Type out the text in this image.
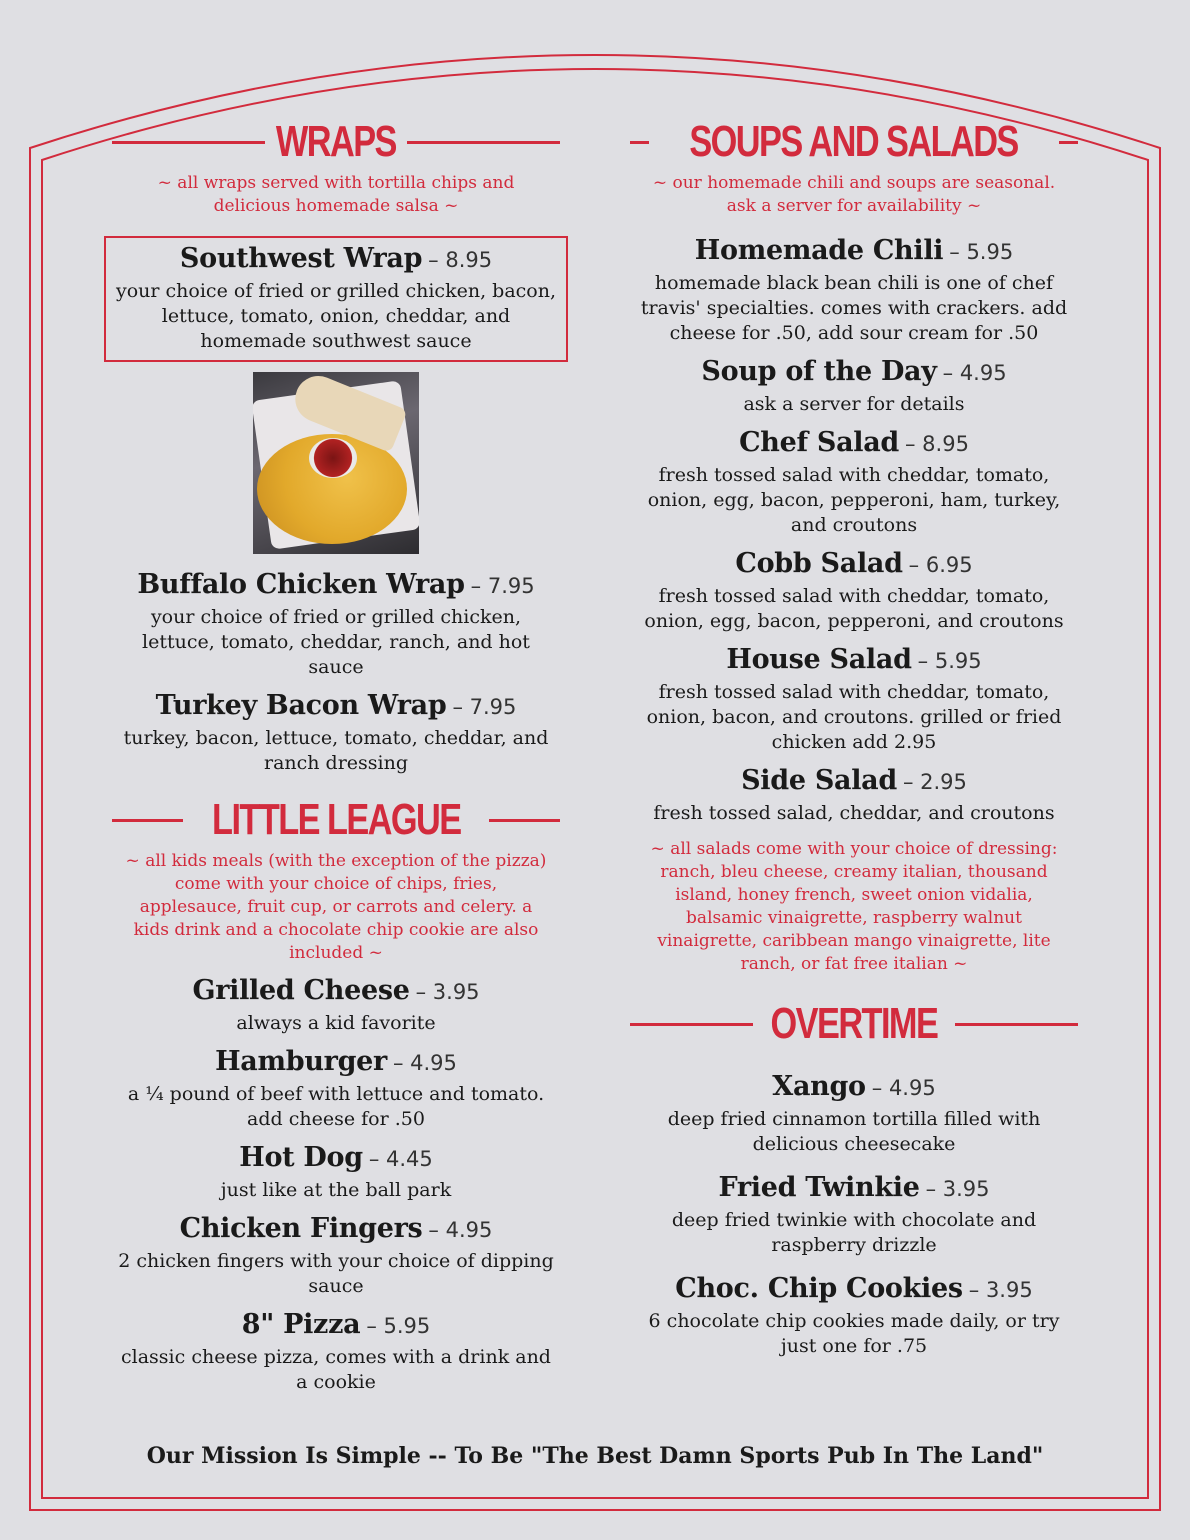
WRAPS
~ all wraps served with tortilla chips and delicious homemade salsa ~
Southwest Wrap – 8.95
your choice of fried or grilled chicken, bacon, lettuce, tomato, onion, cheddar, and homemade southwest sauce
Buffalo Chicken Wrap – 7.95
your choice of fried or grilled chicken, lettuce, tomato, cheddar, ranch, and hot sauce
Turkey Bacon Wrap – 7.95
turkey, bacon, lettuce, tomato, cheddar, and ranch dressing
LITTLE LEAGUE
~ all kids meals (with the exception of the pizza) come with your choice of chips, fries, applesauce, fruit cup, or carrots and celery. a kids drink and a chocolate chip cookie are also included ~
Grilled Cheese – 3.95
always a kid favorite
Hamburger – 4.95
a ¼ pound of beef with lettuce and tomato. add cheese for .50
Hot Dog – 4.45
just like at the ball park
Chicken Fingers – 4.95
2 chicken fingers with your choice of dipping sauce
8" Pizza – 5.95
classic cheese pizza, comes with a drink and a cookie
SOUPS AND SALADS
~ our homemade chili and soups are seasonal. ask a server for availability ~
Homemade Chili – 5.95
homemade black bean chili is one of chef travis' specialties. comes with crackers. add cheese for .50, add sour cream for .50
Soup of the Day – 4.95
ask a server for details
Chef Salad – 8.95
fresh tossed salad with cheddar, tomato, onion, egg, bacon, pepperoni, ham, turkey, and croutons
Cobb Salad – 6.95
fresh tossed salad with cheddar, tomato, onion, egg, bacon, pepperoni, and croutons
House Salad – 5.95
fresh tossed salad with cheddar, tomato, onion, bacon, and croutons. grilled or fried chicken add 2.95
Side Salad – 2.95
fresh tossed salad, cheddar, and croutons
~ all salads come with your choice of dressing: ranch, bleu cheese, creamy italian, thousand island, honey french, sweet onion vidalia, balsamic vinaigrette, raspberry walnut vinaigrette, caribbean mango vinaigrette, lite ranch, or fat free italian ~
OVERTIME
Xango – 4.95
deep fried cinnamon tortilla filled with delicious cheesecake
Fried Twinkie – 3.95
deep fried twinkie with chocolate and raspberry drizzle
Choc. Chip Cookies – 3.95
6 chocolate chip cookies made daily, or try just one for .75
Our Mission Is Simple -- To Be "The Best Damn Sports Pub In The Land"
